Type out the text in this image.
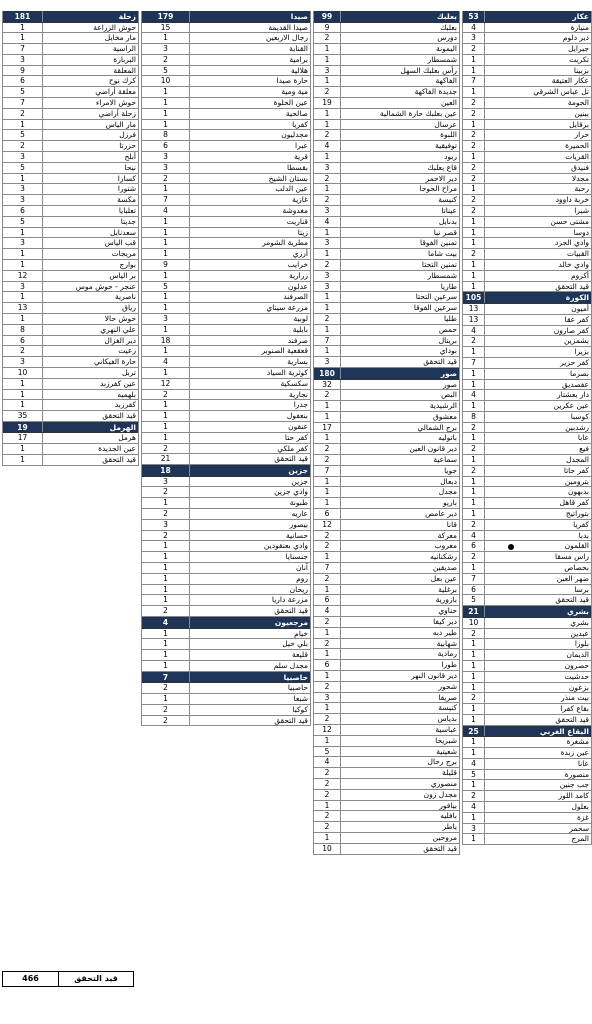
عكار
53
منيارة
4
دير دلوم
3
جبرايل
2
تكريت
1
بزبينا
1
عكار العتيقة
7
تل عباس الشرقي
1
الجومة
2
ببنين
2
برقايل
1
حرار
2
الحميرة
2
القريات
1
فنيدق
2
مجدلا
2
رحبة
1
خربة داوود
2
شيرا
2
مشتى حسن
1
دوسا
1
وادي الجرد
1
القبيات
2
وادي خالد
1
أكروم
1
قيد التحقق
1
الكورة
105
أميون
13
كفر عقا
13
كفر صارون
4
بشمزين
2
بزيزا
1
كفر حزير
7
بصرما
1
عفصديق
1
دار بعشتار
4
عين عكرين
1
كوسبا
8
رشدبين
2
عابا
1
فيع
2
المجدل
1
كفر حاتا
2
بترومين
1
بدبهون
1
كفر قاهل
1
بتوراتيج
1
كفريا
2
بدبا
4
القلمون
6
راس مسقا
2
بحصاص
1
ضهر العين
7
برسا
6
قيد التحقق
5
بشري
21
بشري
10
عبدين
2
بلوزا
1
الديمان
1
حصرون
1
حدشيت
1
بزعون
1
بيت منذر
2
بقاع كفرا
1
قيد التحقق
1
البقاع الغربي
25
مشغرة
1
عين زبدة
1
عانا
4
منصورة
5
جب جنين
1
كامد اللوز
2
بعلول
4
غزة
1
سحمر
3
المرج
1
بعلبك
99
بعلبك
9
دورس
2
اليمونة
1
شمسطار
1
رأس بعلبك السهل
3
الفاكهة
1
جديدة الفاكهة
2
العين
19
عين بعلبك حارة الشمالية
1
عرسال
1
اللبوة
2
توفيقية
4
زبود
1
قاع بعلبك
3
دير الاحمر
2
مراح الحوجا
1
كنيسة
2
عيناتا
3
بدنايل
4
قصر نبا
1
تمنين الفوقا
3
بيت شاما
1
تمنين التحتا
2
شمسطار
3
طاريا
3
سرعين التحتا
1
سرعين الفوقا
1
طليا
2
حمص
1
بريتال
7
بوداي
1
قيد التحقق
3
صور
180
صور
32
البص
2
الرشيدية
1
معشوق
1
برج الشمالي
17
باتوليه
1
دير قانون العين
2
سماعية
2
جويا
7
دبعال
1
مجدل
1
باريو
1
دير عامص
6
قانا
12
معركة
2
معروب
2
رشكنانيه
1
صديقين
7
عين بعل
2
برغلية
1
بازورية
6
حناوي
4
دير كيفا
2
طير دبه
1
شهابية
2
رمادية
1
طورا
6
دير قانون النهر
1
شحور
2
صريفا
3
كنيسة
1
بدياس
2
عباسية
12
شبريحا
1
شعيتية
5
برج رحال
4
قليلة
2
منصوري
2
مجدل زون
2
بيافور
1
بافليه
2
ياطر
2
مروحين
1
قيد التحقق
10
صيدا
179
صيدا القديمة
15
رجال الاربعين
1
القناية
3
برامية
2
هلالية
5
حارة صيدا
10
مية ومية
1
عين الحلوة
1
صالحية
1
كفريا
1
مجدليون
8
عبرا
6
قرية
3
بقسطا
3
بستان الشيخ
2
عين الدلب
1
غازية
7
مغدوشة
4
قناريت
1
زيتا
1
مطرية الشومر
1
أرزي
1
خرايب
9
زرارية
1
عدلون
5
الصرفند
1
مزرعة سيناي
1
لوبية
3
بابلية
1
صرفند
18
قعقعية الصنوبر
1
بسارية
4
كوثرية السياد
1
سكسكية
12
نجارية
2
جدرا
1
بنعفول
1
عنقون
1
كفر حتا
1
كفر ملكي
2
قيد التحقق
21
جزين
18
جزين
3
وادي جزين
2
طبونة
1
عاريه
2
بيصور
3
حسانية
2
وادي بعنقودين
1
جنسنايا
1
آنان
1
روم
1
ريحان
1
مزرعة داريا
1
قيد التحقق
2
مرجعيون
4
خيام
1
بلي حيل
1
قليعة
1
مجدل سلم
1
حاصبيا
7
حاصبيا
2
شبعا
1
كوكبا
2
قيد التحقق
2
زحلة
181
حوش الزراعة
1
مار مخايل
1
الراسية
7
البربارة
3
المعلقة
9
كرك نوح
6
معلقة أراضي
5
حوش الامراء
7
زحلة أراضي
2
مار الياس
1
فرزل
5
حزرتا
2
أبلح
3
نيحا
5
كسارا
1
شتورا
3
مكسة
3
تعلبايا
6
جديتا
5
سعدنايل
1
قب الياس
3
مريجات
1
بوارج
1
بر الياس
12
عنجر - حوش موس
3
ناصرية
1
رياق
13
حوش حالا
1
علي النهري
8
دير الغزال
6
رعيت
2
حارة الفيكاني
3
تربل
10
عين كفرزبد
1
بلهميه
1
كفرزبد
1
قيد التحقق
35
الهرمل
19
هرمل
17
عين الجديدة
1
قيد التحقق
1
قيد التحقق
466
